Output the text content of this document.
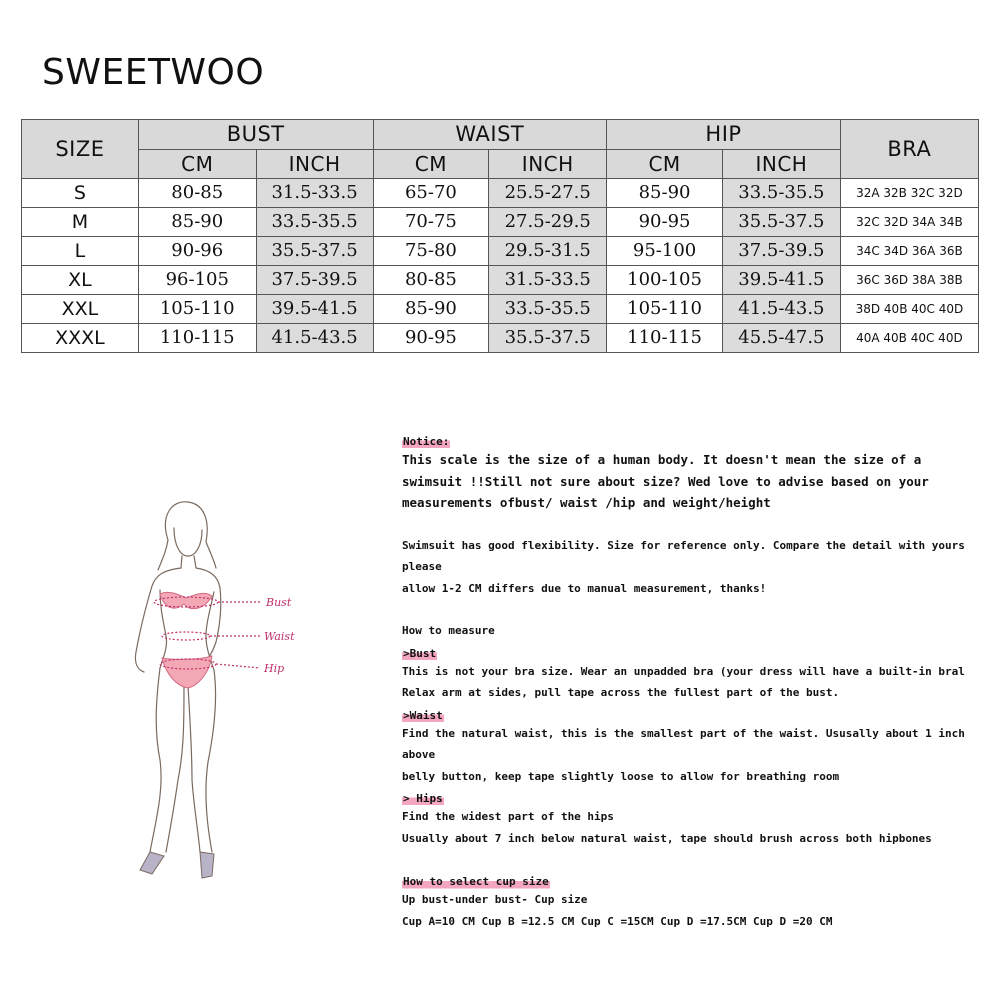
SWEETWOO
SIZE	BUST		WAIST		HIP		BRA
	CM	INCH	CM	INCH	CM	INCH	
S	80-85	31.5-33.5	65-70	25.5-27.5	85-90	33.5-35.5	32A 32B 32C 32D
M	85-90	33.5-35.5	70-75	27.5-29.5	90-95	35.5-37.5	32C 32D 34A 34B
L	90-96	35.5-37.5	75-80	29.5-31.5	95-100	37.5-39.5	34C 34D 36A 36B
XL	96-105	37.5-39.5	80-85	31.5-33.5	100-105	39.5-41.5	36C 36D 38A 38B
XXL	105-110	39.5-41.5	85-90	33.5-35.5	105-110	41.5-43.5	38D 40B 40C 40D
XXXL	110-115	41.5-43.5	90-95	35.5-37.5	110-115	45.5-47.5	40A 40B 40C 40D
Bust
Waist
Hip

Notice:

This scale is the size of a human body. It doesn't mean the size of a

swimsuit !!Still not sure about size? Wed love to advise based on your

measurements ofbust/ waist /hip and weight/height

Swimsuit has good flexibility. Size for reference only. Compare the detail with yours please

allow 1-2 CM differs due to manual measurement, thanks!

How to measure

>Bust

This is not your bra size. Wear an unpadded bra (your dress will have a built-in bral

Relax arm at sides, pull tape across the fullest part of the bust.

>Waist

Find the natural waist, this is the smallest part of the waist. Ususally about 1 inch above

belly button, keep tape slightly loose to allow for breathing room

> Hips

Find the widest part of the hips

Usually about 7 inch below natural waist, tape should brush across both hipbones

How to select cup size

Up bust-under bust- Cup size

Cup A=10 CM Cup B =12.5 CM Cup C =15CM Cup D =17.5CM Cup D =20 CM
